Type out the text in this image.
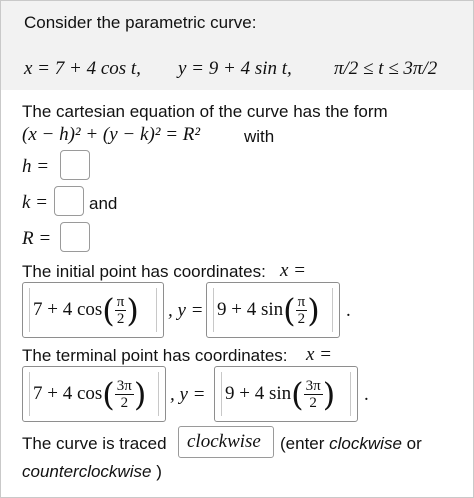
Consider the parametric curve:
x = 7 + 4 cos t, y = 9 + 4 sin t, π/2 ≤ t ≤ 3π/2
The cartesian equation of the curve has the form
(x − h)² + (y − k)² = R²	with
h =
k = and
R =
The initial point has coordinates: x =
7 + 4 $\cos( \frac{\pi}{2}$ ) , y = 9 + 4 $\sin( \frac{\pi}{2}$ ) .
The terminal point has coordinates: x =
7 + 4 $\cos( \frac{3\pi}{2}$ ) , y = 9 + 4 $\sin( \frac{3\pi}{2}$ ) .
The curve is traced clockwise (enter clockwise or
counterclockwise )
